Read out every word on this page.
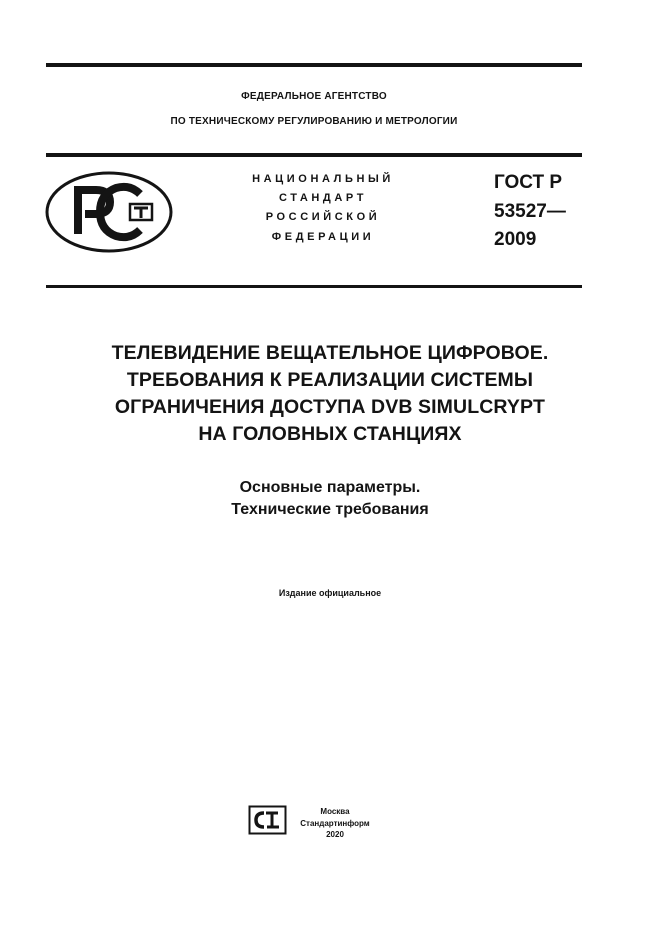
ФЕДЕРАЛЬНОЕ АГЕНТСТВО
ПО ТЕХНИЧЕСКОМУ РЕГУЛИРОВАНИЮ И МЕТРОЛОГИИ
НАЦИОНАЛЬНЫЙ
СТАНДАРТ
РОССИЙСКОЙ
ФЕДЕРАЦИИ
ГОСТ Р
53527—
2009
ТЕЛЕВИДЕНИЕ ВЕЩАТЕЛЬНОЕ ЦИФРОВОЕ.
ТРЕБОВАНИЯ К РЕАЛИЗАЦИИ СИСТЕМЫ
ОГРАНИЧЕНИЯ ДОСТУПА DVB SIMULCRYPT
НА ГОЛОВНЫХ СТАНЦИЯХ
Основные параметры.
Технические требования
Издание официальное
Москва
Стандартинформ
2020
